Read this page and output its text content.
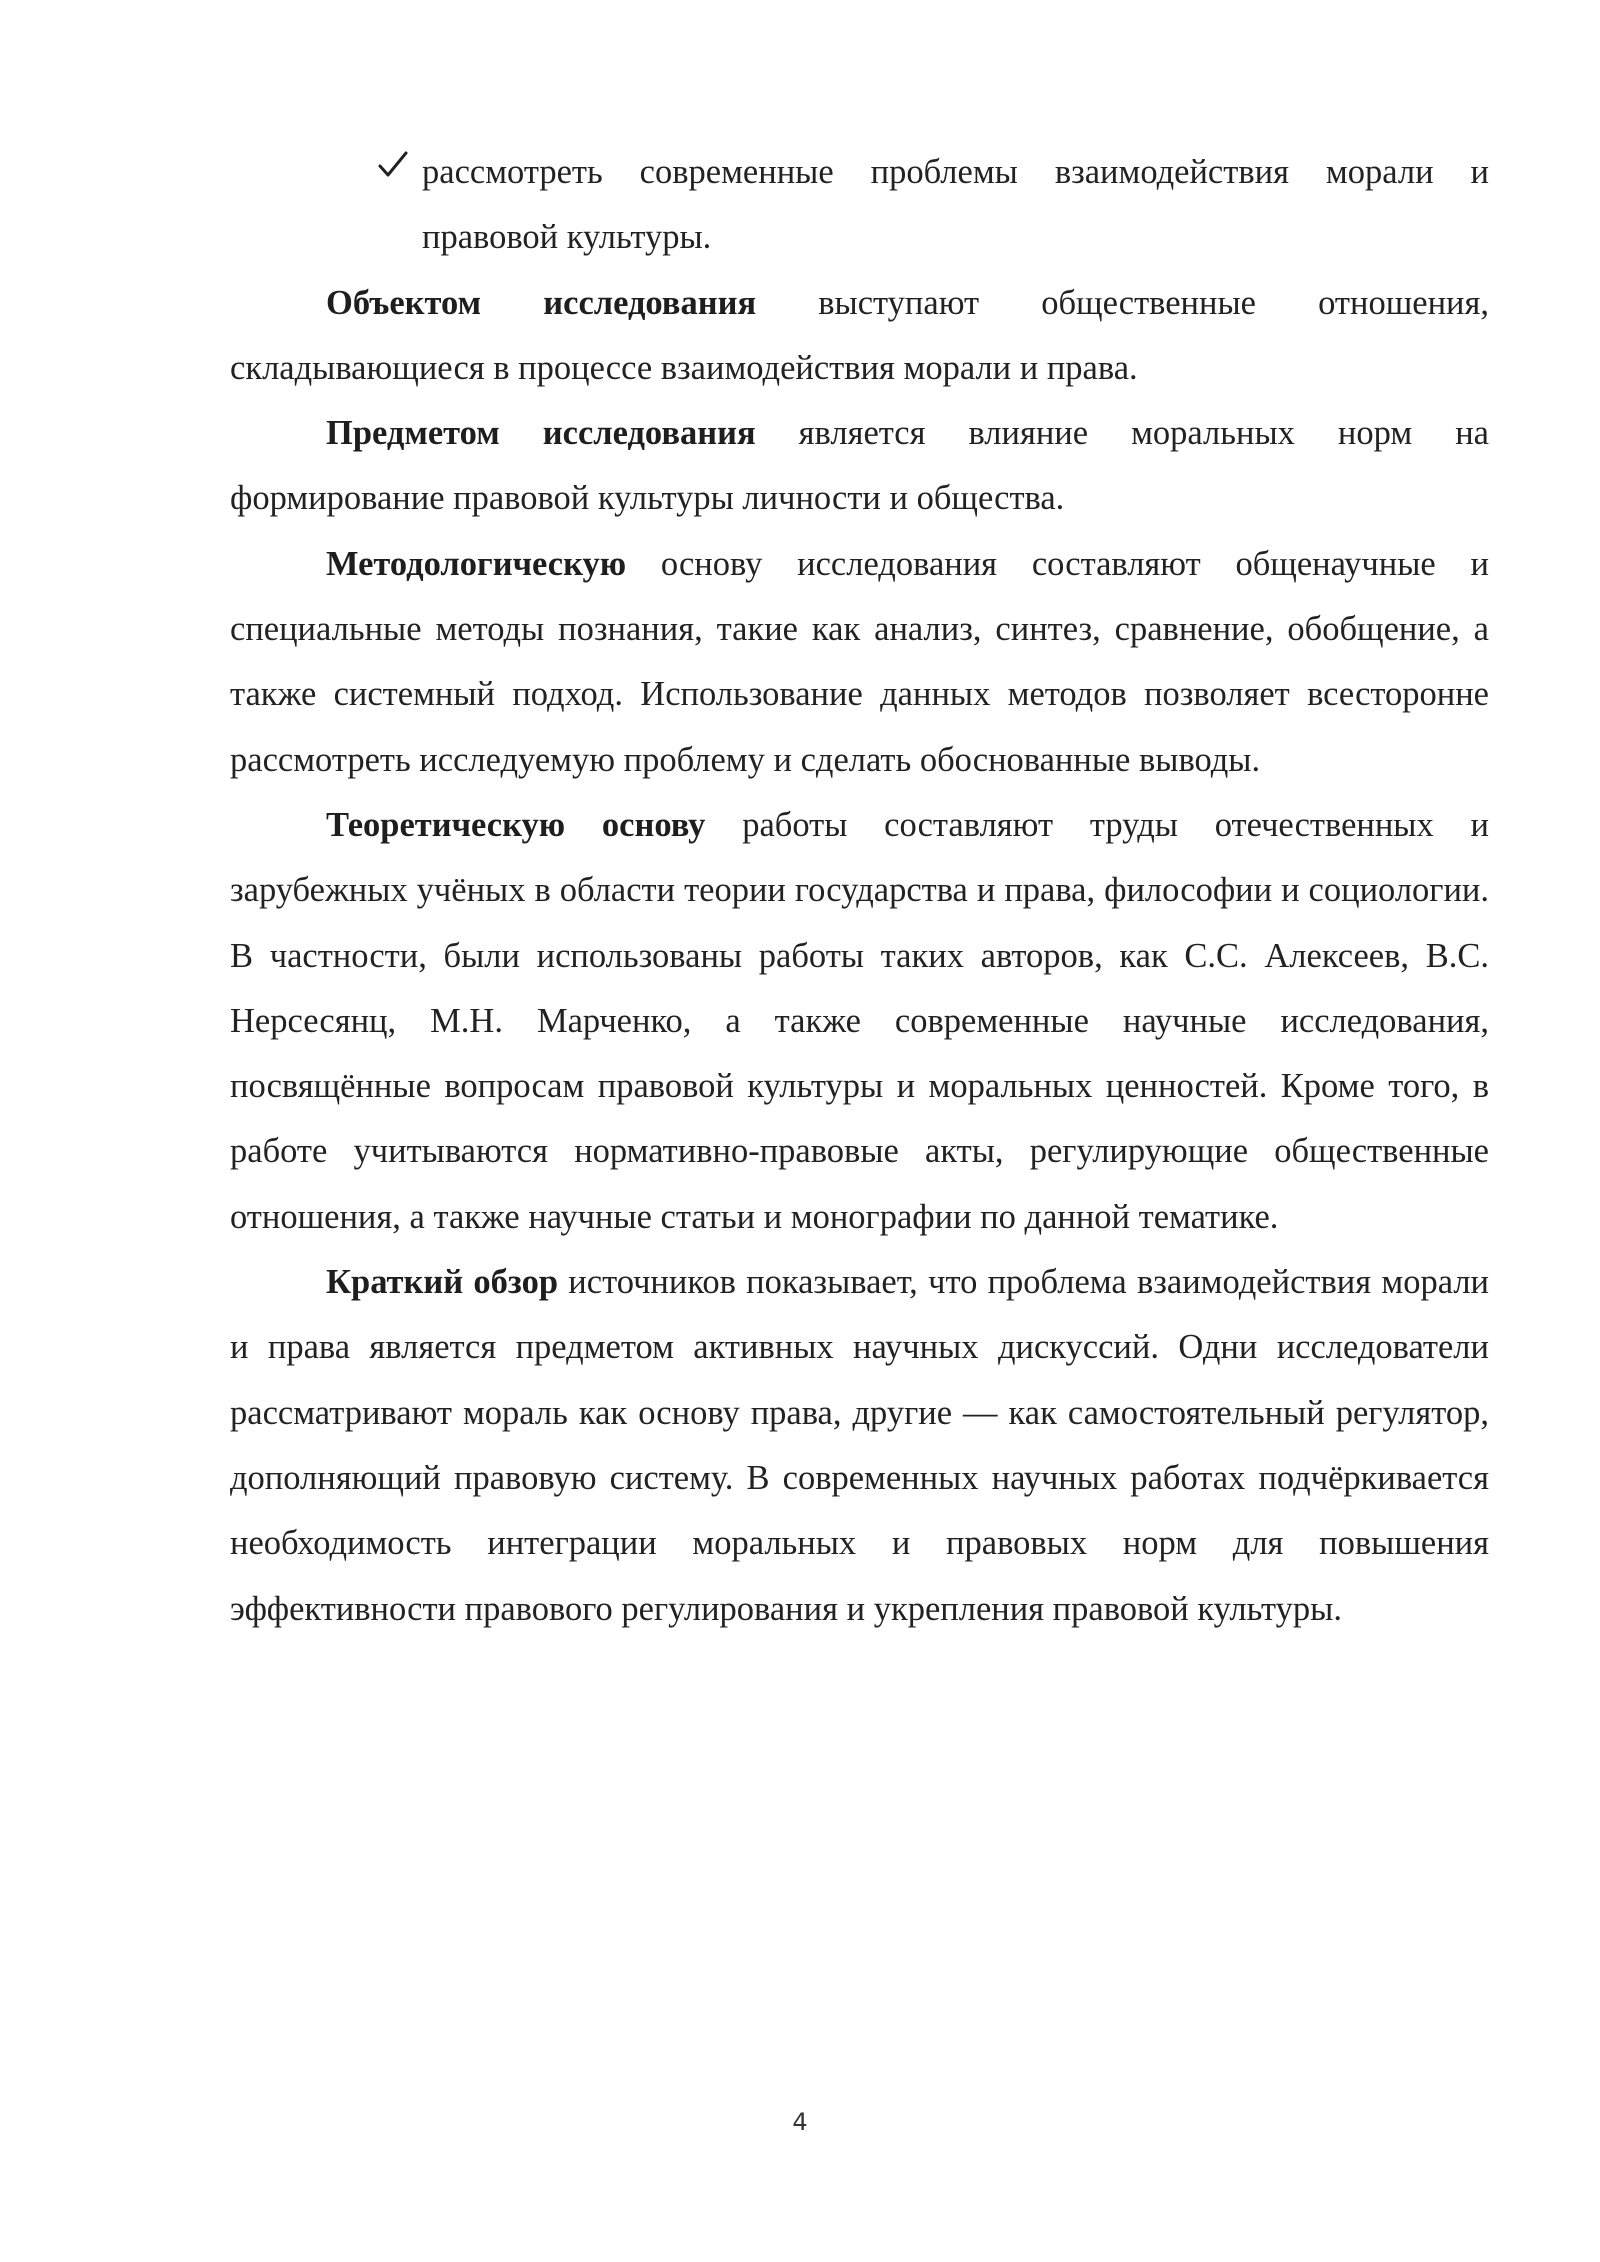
рассмотреть современные проблемы взаимодействия морали и правовой культуры.

Объектом исследования выступают общественные отношения, складывающиеся в процессе взаимодействия морали и права.

Предметом исследования является влияние моральных норм на формирование правовой культуры личности и общества.

Методологическую основу исследования составляют общенаучные и специальные методы познания, такие как анализ, синтез, сравнение, обобщение, а также системный подход. Использование данных методов позволяет всесторонне рассмотреть исследуемую проблему и сделать обоснованные выводы.

Теоретическую основу работы составляют труды отечественных и зарубежных учёных в области теории государства и права, философии и социологии. В частности, были использованы работы таких авторов, как С.С. Алексеев, В.С. Нерсесянц, М.Н. Марченко, а также современные научные исследования, посвящённые вопросам правовой культуры и моральных ценностей. Кроме того, в работе учитываются нормативно-правовые акты, регулирующие общественные отношения, а также научные статьи и монографии по данной тематике.

Краткий обзор источников показывает, что проблема взаимодействия морали и права является предметом активных научных дискуссий. Одни исследователи рассматривают мораль как основу права, другие — как самостоятельный регулятор, дополняющий правовую систему. В современных научных работах подчёркивается необходимость интеграции моральных и правовых норм для повышения эффективности правового регулирования и укрепления правовой культуры.

4
